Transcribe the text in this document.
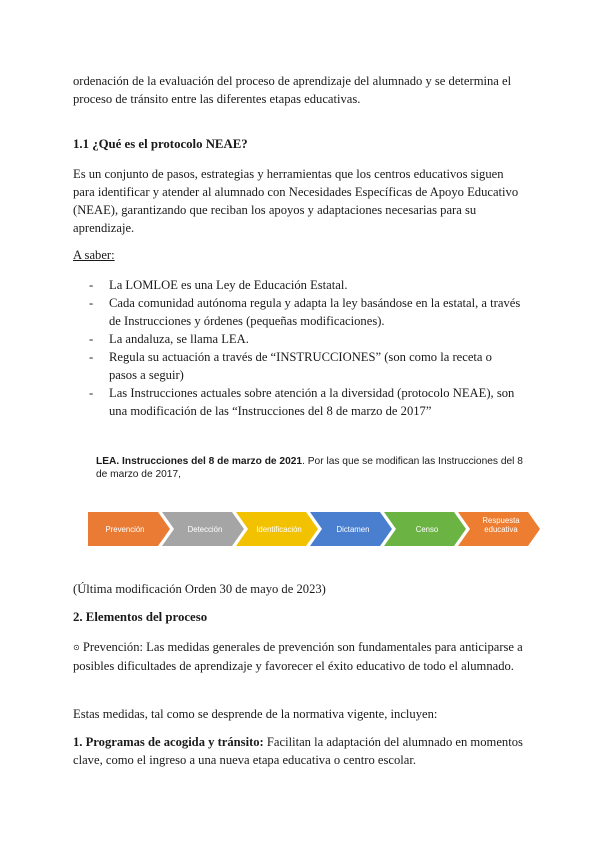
ordenación de la evaluación del proceso de aprendizaje del alumnado y se determina el proceso de tránsito entre las diferentes etapas educativas.

1.1 ¿Qué es el protocolo NEAE?

Es un conjunto de pasos, estrategias y herramientas que los centros educativos siguen para identificar y atender al alumnado con Necesidades Específicas de Apoyo Educativo (NEAE), garantizando que reciban los apoyos y adaptaciones necesarias para su aprendizaje.

A saber:

- La LOMLOE es una Ley de Educación Estatal.
- Cada comunidad autónoma regula y adapta la ley basándose en la estatal, a través de Instrucciones y órdenes (pequeñas modificaciones).
- La andaluza, se llama LEA.
- Regula su actuación a través de “INSTRUCCIONES” (son como la receta o pasos a seguir)
- Las Instrucciones actuales sobre atención a la diversidad (protocolo NEAE), son una modificación de las “Instrucciones del 8 de marzo de 2017”

LEA. Instrucciones del 8 de marzo de 2021. Por las que se modifican las Instrucciones del 8 de marzo de 2017,

Prevención	Detección	Identificación	Dictamen	Censo
Respuesta
educativa

(Última modificación Orden 30 de mayo de 2023)

2. Elementos del proceso

⊙ Prevención: Las medidas generales de prevención son fundamentales para anticiparse a posibles dificultades de aprendizaje y favorecer el éxito educativo de todo el alumnado.

Estas medidas, tal como se desprende de la normativa vigente, incluyen:

1. Programas de acogida y tránsito: Facilitan la adaptación del alumnado en momentos clave, como el ingreso a una nueva etapa educativa o centro escolar.
